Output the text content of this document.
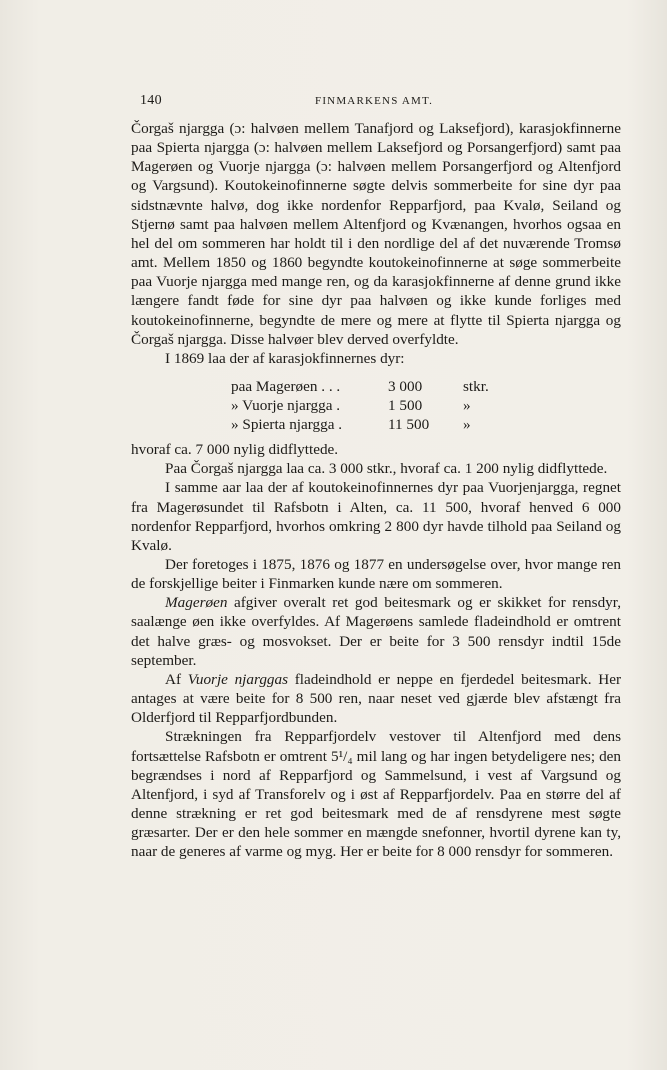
140	FINMARKENS AMT.

Čorgaš njargga (ɔ: halvøen mellem Tanafjord og Laksefjord), karasjokfinnerne paa Spierta njargga (ɔ: halvøen mellem Laksefjord og Porsangerfjord) samt paa Magerøen og Vuorje njargga (ɔ: halvøen mellem Porsangerfjord og Altenfjord og Vargsund). Koutokeinofinnerne søgte delvis sommerbeite for sine dyr paa sidstnævnte halvø, dog ikke nordenfor Repparfjord, paa Kvalø, Seiland og Stjernø samt paa halvøen mellem Altenfjord og Kvænangen, hvorhos ogsaa en hel del om sommeren har holdt til i den nordlige del af det nuværende Tromsø amt. Mellem 1850 og 1860 begyndte koutokeinofinnerne at søge sommerbeite paa Vuorje njargga med mange ren, og da karasjokfinnerne af denne grund ikke længere fandt føde for sine dyr paa halvøen og ikke kunde forliges med koutokeinofinnerne, begyndte de mere og mere at flytte til Spierta njargga og Čorgaš njargga. Disse halvøer blev derved overfyldte.

I 1869 laa der af karasjokfinnernes dyr:

paa Magerøen . . .	3 000	stkr.
» Vuorje njargga .	1 500	»
» Spierta njargga .	11 500	»

hvoraf ca. 7 000 nylig didflyttede.

Paa Čorgaš njargga laa ca. 3 000 stkr., hvoraf ca. 1 200 nylig didflyttede.

I samme aar laa der af koutokeinofinnernes dyr paa Vuorjenjargga, regnet fra Magerøsundet til Rafsbotn i Alten, ca. 11 500, hvoraf henved 6 000 nordenfor Repparfjord, hvorhos omkring 2 800 dyr havde tilhold paa Seiland og Kvalø.

Der foretoges i 1875, 1876 og 1877 en undersøgelse over, hvor mange ren de forskjellige beiter i Finmarken kunde nære om sommeren.

Magerøen afgiver overalt ret god beitesmark og er skikket for rensdyr, saalænge øen ikke overfyldes. Af Magerøens samlede fladeindhold er omtrent det halve græs- og mosvokset. Der er beite for 3 500 rensdyr indtil 15de september.

Af Vuorje njarggas fladeindhold er neppe en fjerdedel beitesmark. Her antages at være beite for 8 500 ren, naar neset ved gjærde blev afstængt fra Olderfjord til Repparfjordbunden.

Strækningen fra Repparfjordelv vestover til Altenfjord med dens fortsættelse Rafsbotn er omtrent 5¹/₄ mil lang og har ingen betydeligere nes; den begrændses i nord af Repparfjord og Sammelsund, i vest af Vargsund og Altenfjord, i syd af Transforelv og i øst af Repparfjordelv. Paa en større del af denne strækning er ret god beitesmark med de af rensdyrene mest søgte græsarter. Der er den hele sommer en mængde snefonner, hvortil dyrene kan ty, naar de generes af varme og myg. Her er beite for 8 000 rensdyr for sommeren.
